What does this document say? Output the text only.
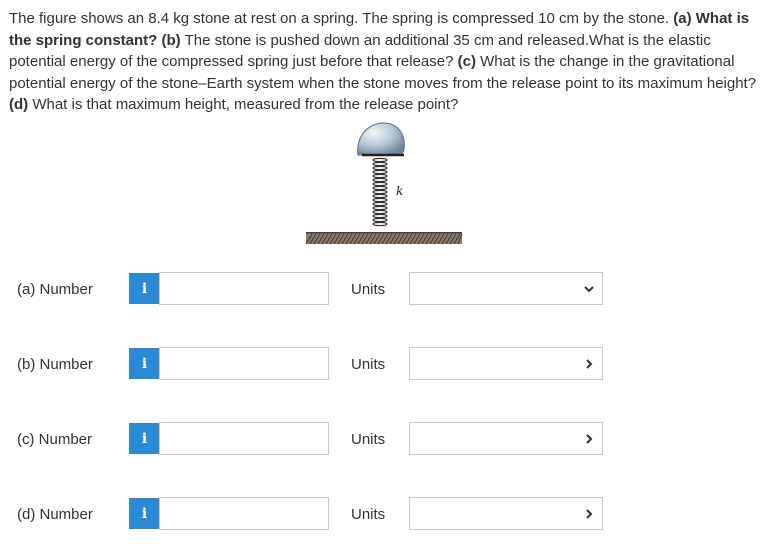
The figure shows an 8.4 kg stone at rest on a spring. The spring is compressed 10 cm by the stone. (a) What is the spring constant? (b) The stone is pushed down an additional 35 cm and released.What is the elastic potential energy of the compressed spring just before that release? (c) What is the change in the gravitational potential energy of the stone–Earth system when the stone moves from the release point to its maximum height? (d) What is that maximum height, measured from the release point?
k
(a) Number	i	Units
(b) Number	i	Units
(c) Number	i	Units
(d) Number	i	Units
